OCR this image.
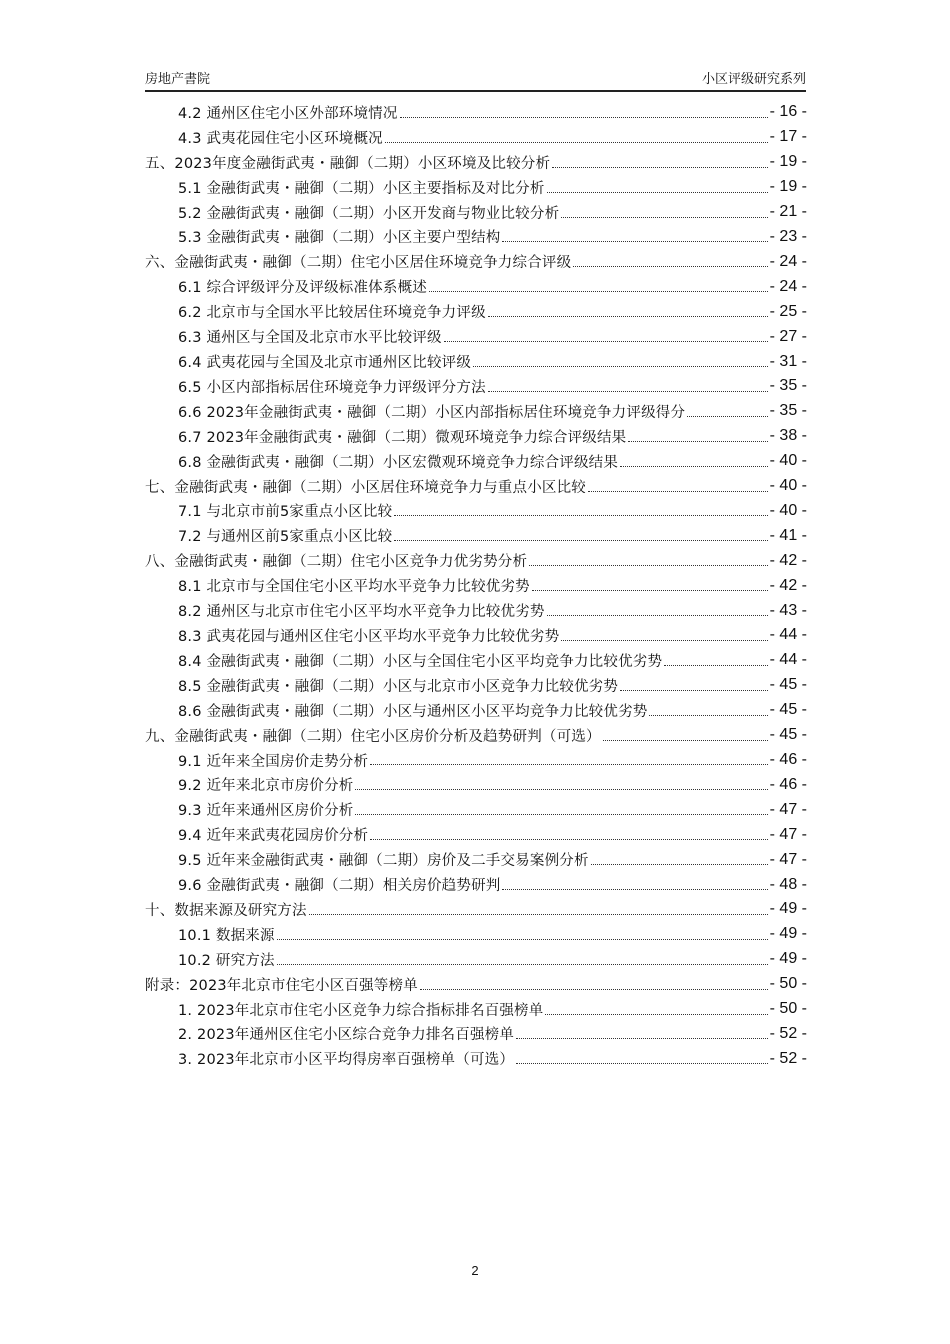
房地产書院	小区评级研究系列
4.2 通州区住宅小区外部环境情况	- 16 -
4.3 武夷花园住宅小区环境概况	- 17 -
五、2023年度金融街武夷・融御（二期）小区环境及比较分析	- 19 -
5.1 金融街武夷・融御（二期）小区主要指标及对比分析	- 19 -
5.2 金融街武夷・融御（二期）小区开发商与物业比较分析	- 21 -
5.3 金融街武夷・融御（二期）小区主要户型结构	- 23 -
六、金融街武夷・融御（二期）住宅小区居住环境竞争力综合评级	- 24 -
6.1 综合评级评分及评级标准体系概述	- 24 -
6.2 北京市与全国水平比较居住环境竞争力评级	- 25 -
6.3 通州区与全国及北京市水平比较评级	- 27 -
6.4 武夷花园与全国及北京市通州区比较评级	- 31 -
6.5 小区内部指标居住环境竞争力评级评分方法	- 35 -
6.6 2023年金融街武夷・融御（二期）小区内部指标居住环境竞争力评级得分	- 35 -
6.7 2023年金融街武夷・融御（二期）微观环境竞争力综合评级结果	- 38 -
6.8 金融街武夷・融御（二期）小区宏微观环境竞争力综合评级结果	- 40 -
七、金融街武夷・融御（二期）小区居住环境竞争力与重点小区比较	- 40 -
7.1 与北京市前5家重点小区比较	- 40 -
7.2 与通州区前5家重点小区比较	- 41 -
八、金融街武夷・融御（二期）住宅小区竞争力优劣势分析	- 42 -
8.1 北京市与全国住宅小区平均水平竞争力比较优劣势	- 42 -
8.2 通州区与北京市住宅小区平均水平竞争力比较优劣势	- 43 -
8.3 武夷花园与通州区住宅小区平均水平竞争力比较优劣势	- 44 -
8.4 金融街武夷・融御（二期）小区与全国住宅小区平均竞争力比较优劣势	- 44 -
8.5 金融街武夷・融御（二期）小区与北京市小区竞争力比较优劣势	- 45 -
8.6 金融街武夷・融御（二期）小区与通州区小区平均竞争力比较优劣势	- 45 -
九、金融街武夷・融御（二期）住宅小区房价分析及趋势研判（可选）	- 45 -
9.1 近年来全国房价走势分析	- 46 -
9.2 近年来北京市房价分析	- 46 -
9.3 近年来通州区房价分析	- 47 -
9.4 近年来武夷花园房价分析	- 47 -
9.5 近年来金融街武夷・融御（二期）房价及二手交易案例分析	- 47 -
9.6 金融街武夷・融御（二期）相关房价趋势研判	- 48 -
十、数据来源及研究方法	- 49 -
10.1 数据来源	- 49 -
10.2 研究方法	- 49 -
附录：2023年北京市住宅小区百强等榜单	- 50 -
1. 2023年北京市住宅小区竞争力综合指标排名百强榜单	- 50 -
2. 2023年通州区住宅小区综合竞争力排名百强榜单	- 52 -
3. 2023年北京市小区平均得房率百强榜单（可选）	- 52 -
2
